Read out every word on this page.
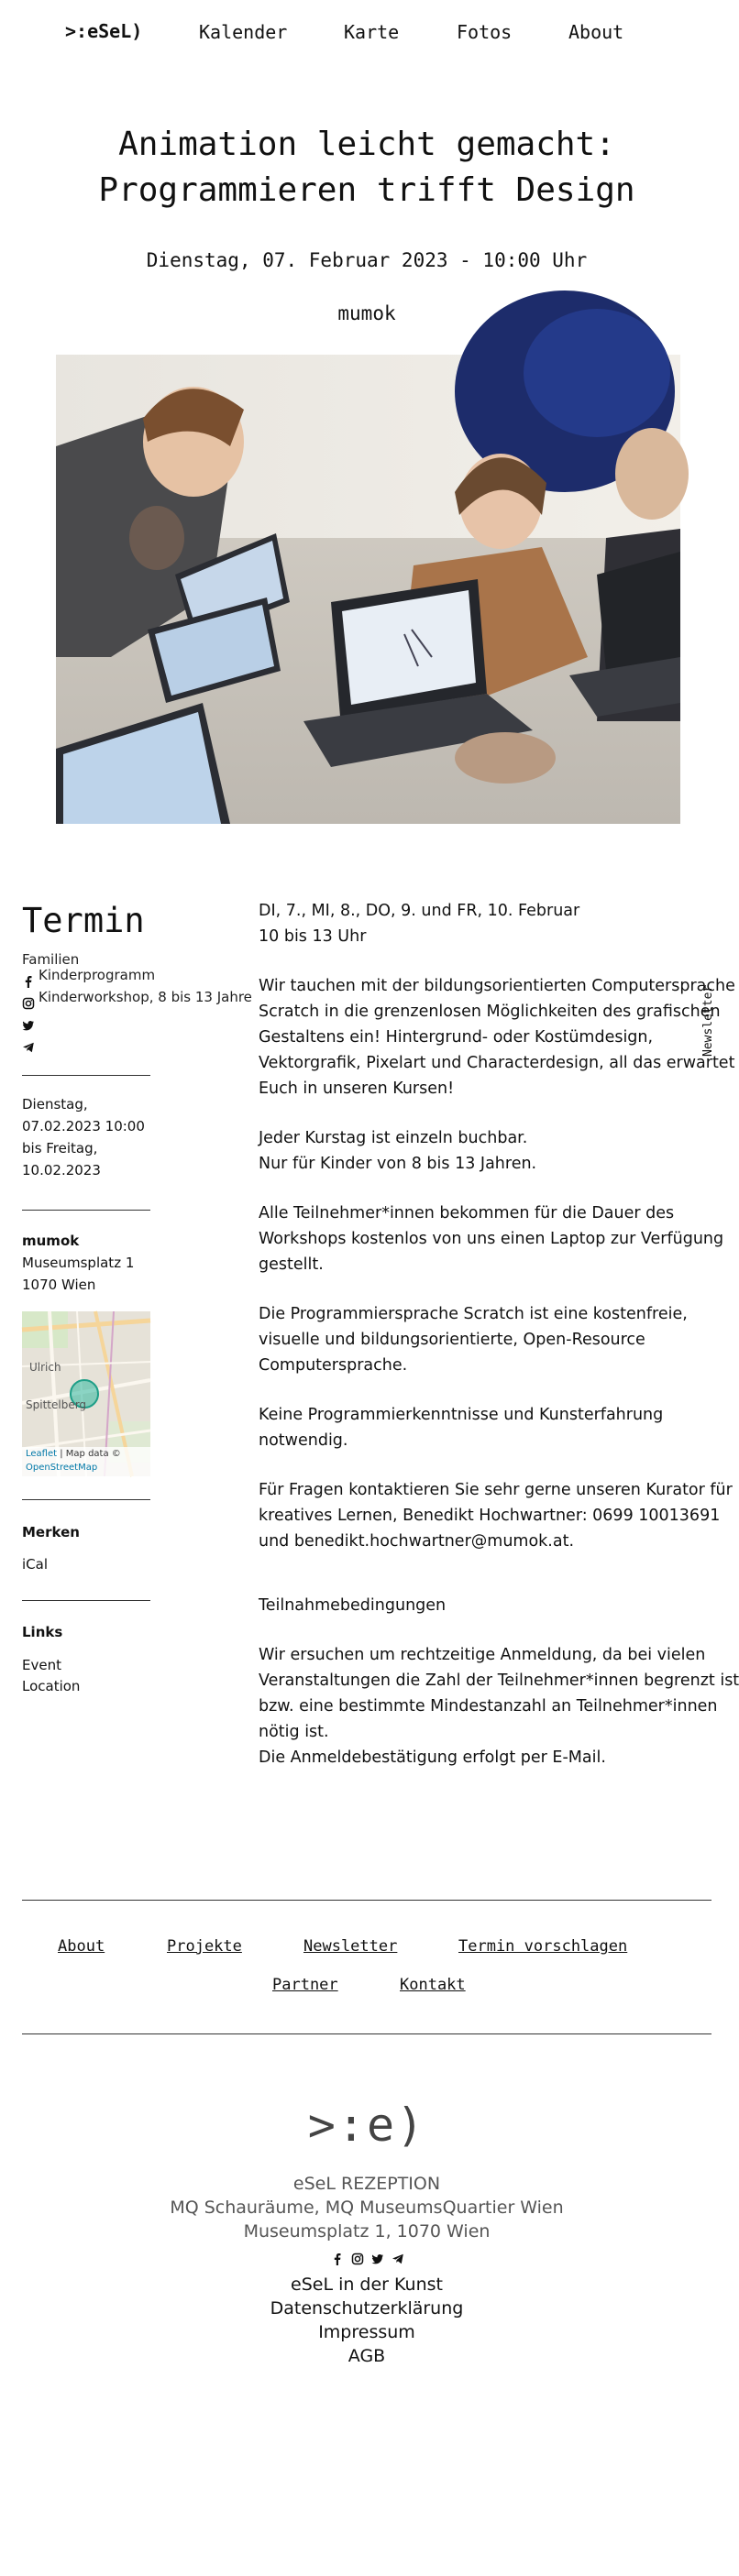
>:eSeL)	Kalender	Karte	Fotos	About
Animation leicht gemacht:
Programmieren trifft Design
Dienstag, 07. Februar 2023 - 10:00 Uhr
mumok
Termin
Familien
Kinderprogramm
Kinderworkshop, 8 bis 13 Jahre
Dienstag,
07.02.2023 10:00
bis Freitag,
10.02.2023
mumok
Museumsplatz 1
1070 Wien
Ulrich
Spittelberg
Leaflet | Map data ©
OpenStreetMap
Merken
iCal
Links
Event
Location

DI, 7., MI, 8., DO, 9. und FR, 10. Februar
10 bis 13 Uhr

Wir tauchen mit der bildungsorientierten Computersprache
Scratch in die grenzenlosen Möglichkeiten des grafischen
Gestaltens ein! Hintergrund- oder Kostümdesign,
Vektorgrafik, Pixelart und Characterdesign, all das erwartet
Euch in unseren Kursen!

Jeder Kurstag ist einzeln buchbar.
Nur für Kinder von 8 bis 13 Jahren.

Alle Teilnehmer*innen bekommen für die Dauer des
Workshops kostenlos von uns einen Laptop zur Verfügung
gestellt.

Die Programmiersprache Scratch ist eine kostenfreie,
visuelle und bildungsorientierte, Open-Resource
Computersprache.

Keine Programmierkenntnisse und Kunsterfahrung
notwendig.

Für Fragen kontaktieren Sie sehr gerne unseren Kurator für
kreatives Lernen, Benedikt Hochwartner: 0699 10013691
und benedikt.hochwartner@mumok.at.

Teilnahmebedingungen

Wir ersuchen um rechtzeitige Anmeldung, da bei vielen
Veranstaltungen die Zahl der Teilnehmer*innen begrenzt ist
bzw. eine bestimmte Mindestanzahl an Teilnehmer*innen
nötig ist.
Die Anmeldebestätigung erfolgt per E-Mail.

Newsletter
About	Projekte	Newsletter	Termin vorschlagen
Partner	Kontakt
>:e)
eSeL REZEPTION
MQ Schauräume, MQ MuseumsQuartier Wien
Museumsplatz 1, 1070 Wien
eSeL in der Kunst
Datenschutzerklärung
Impressum
AGB
